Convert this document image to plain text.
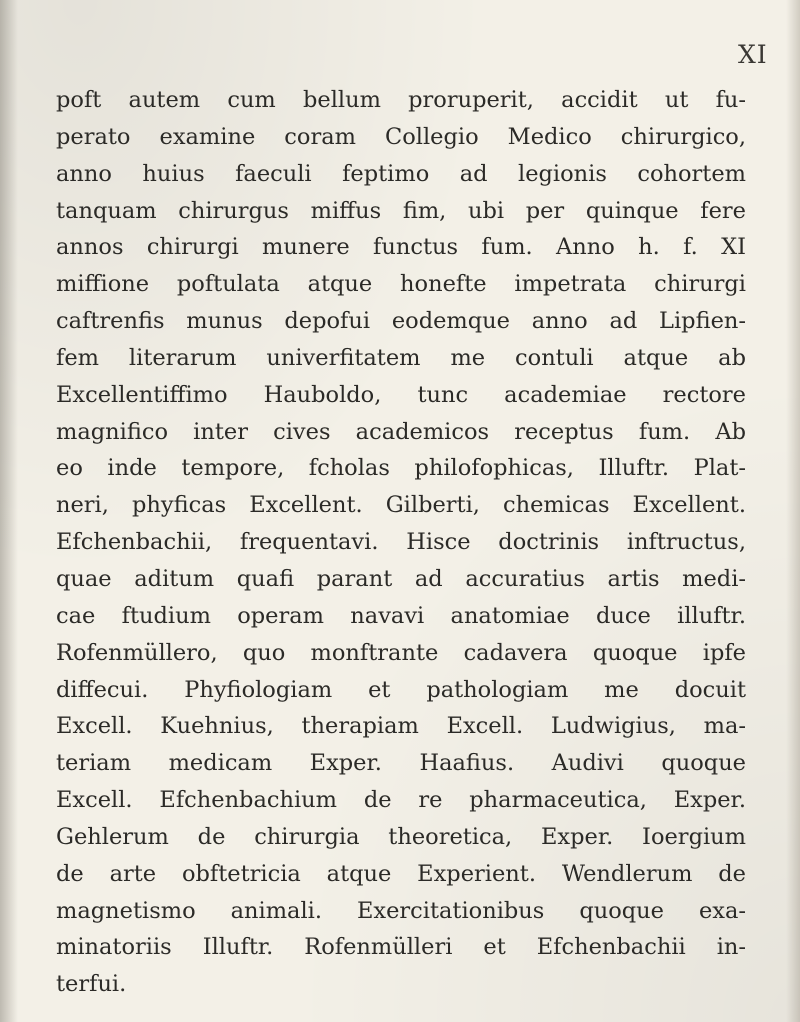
XI
poft autem cum bellum proruperit, accidit ut fu-
perato examine coram Collegio Medico chirurgico,
anno huius faeculi feptimo ad legionis cohortem
tanquam chirurgus miffus fim, ubi per quinque fere
annos chirurgi munere functus fum. Anno h. f. XI
miffione poftulata atque honefte impetrata chirurgi
caftrenfis munus depofui eodemque anno ad Lipfien-
fem literarum univerfitatem me contuli atque ab
Excellentiffimo Hauboldo, tunc academiae rectore
magnifico inter cives academicos receptus fum. Ab
eo inde tempore, fcholas philofophicas, Illuftr. Plat-
neri, phyficas Excellent. Gilberti, chemicas Excellent.
Efchenbachii, frequentavi. Hisce doctrinis inftructus,
quae aditum quafi parant ad accuratius artis medi-
cae ftudium operam navavi anatomiae duce illuftr.
Rofenmüllero, quo monftrante cadavera quoque ipfe
diffecui. Phyfiologiam et pathologiam me docuit
Excell. Kuehnius, therapiam Excell. Ludwigius, ma-
teriam medicam Exper. Haafius. Audivi quoque
Excell. Efchenbachium de re pharmaceutica, Exper.
Gehlerum de chirurgia theoretica, Exper. Ioergium
de arte obftetricia atque Experient. Wendlerum de
magnetismo animali. Exercitationibus quoque exa-
minatoriis Illuftr. Rofenmülleri et Efchenbachii in-
terfui.
